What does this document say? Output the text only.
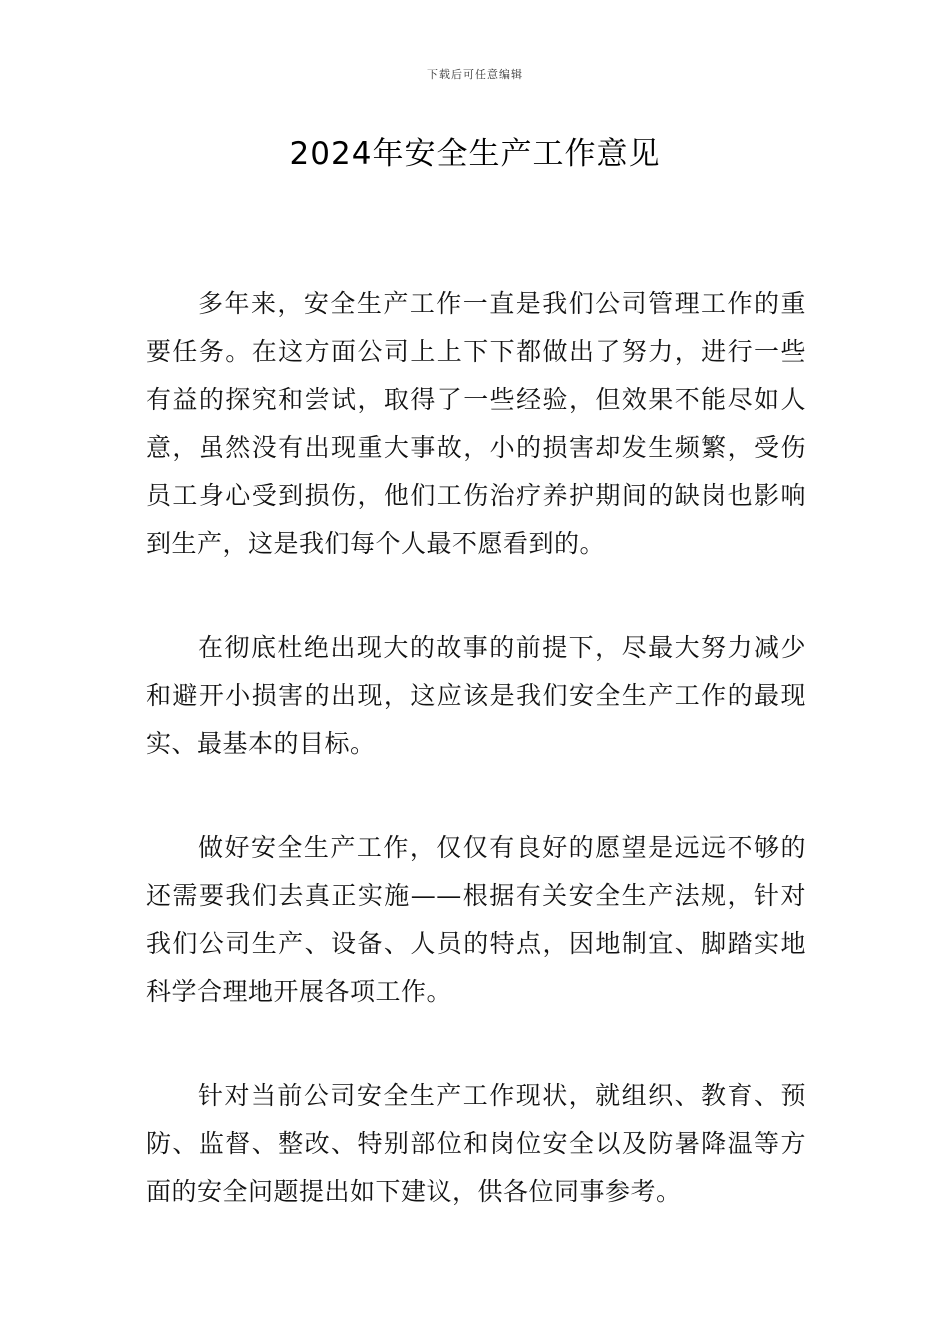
下载后可任意编辑
2024年安全生产工作意见

多年来，安全生产工作一直是我们公司管理工作的重要任务。在这方面公司上上下下都做出了努力，进行一些有益的探究和尝试，取得了一些经验，但效果不能尽如人意，虽然没有出现重大事故，小的损害却发生频繁，受伤员工身心受到损伤，他们工伤治疗养护期间的缺岗也影响到生产，这是我们每个人最不愿看到的。

在彻底杜绝出现大的故事的前提下，尽最大努力减少和避开小损害的出现，这应该是我们安全生产工作的最现实、最基本的目标。

做好安全生产工作，仅仅有良好的愿望是远远不够的还需要我们去真正实施——根据有关安全生产法规，针对我们公司生产、设备、人员的特点，因地制宜、脚踏实地科学合理地开展各项工作。

针对当前公司安全生产工作现状，就组织、教育、预防、监督、整改、特别部位和岗位安全以及防暑降温等方面的安全问题提出如下建议，供各位同事参考。
